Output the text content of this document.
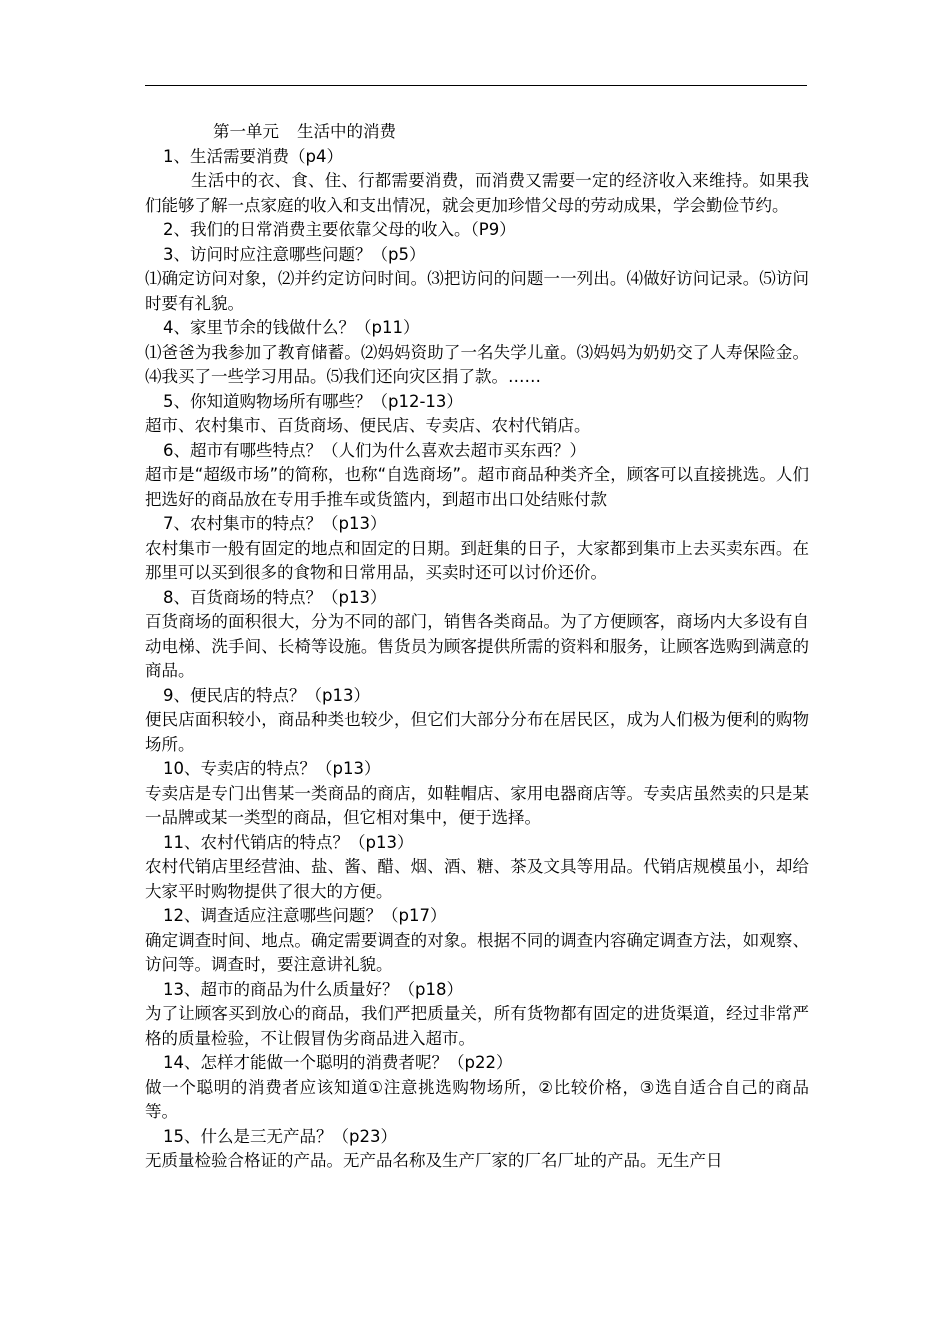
第一单元 生活中的消费
1、生活需要消费（p4）
生活中的衣、食、住、行都需要消费，而消费又需要一定的经济收入来维持。如果我们能够了解一点家庭的收入和支出情况，就会更加珍惜父母的劳动成果，学会勤俭节约。
2、我们的日常消费主要依靠父母的收入。（P9）
3、访问时应注意哪些问题？（p5）
⑴确定访问对象，⑵并约定访问时间。⑶把访问的问题一一列出。⑷做好访问记录。⑸访问时要有礼貌。
4、家里节余的钱做什么？（p11）
⑴爸爸为我参加了教育储蓄。⑵妈妈资助了一名失学儿童。⑶妈妈为奶奶交了人寿保险金。⑷我买了一些学习用品。⑸我们还向灾区捐了款。……
5、你知道购物场所有哪些？（p12-13）
超市、农村集市、百货商场、便民店、专卖店、农村代销店。
6、超市有哪些特点？（人们为什么喜欢去超市买东西？）
超市是“超级市场”的简称，也称“自选商场”。超市商品种类齐全，顾客可以直接挑选。人们把选好的商品放在专用手推车或货篮内，到超市出口处结账付款
7、农村集市的特点？（p13）
农村集市一般有固定的地点和固定的日期。到赶集的日子，大家都到集市上去买卖东西。在那里可以买到很多的食物和日常用品，买卖时还可以讨价还价。
8、百货商场的特点？（p13）
百货商场的面积很大，分为不同的部门，销售各类商品。为了方便顾客，商场内大多设有自动电梯、洗手间、长椅等设施。售货员为顾客提供所需的资料和服务，让顾客选购到满意的商品。
9、便民店的特点？（p13）
便民店面积较小，商品种类也较少，但它们大部分分布在居民区，成为人们极为便利的购物场所。
10、专卖店的特点？（p13）
专卖店是专门出售某一类商品的商店，如鞋帽店、家用电器商店等。专卖店虽然卖的只是某一品牌或某一类型的商品，但它相对集中，便于选择。
11、农村代销店的特点？（p13）
农村代销店里经营油、盐、酱、醋、烟、酒、糖、茶及文具等用品。代销店规模虽小，却给大家平时购物提供了很大的方便。
12、调查适应注意哪些问题？（p17）
确定调查时间、地点。确定需要调查的对象。根据不同的调查内容确定调查方法，如观察、访问等。调查时，要注意讲礼貌。
13、超市的商品为什么质量好？（p18）
为了让顾客买到放心的商品，我们严把质量关，所有货物都有固定的进货渠道，经过非常严格的质量检验，不让假冒伪劣商品进入超市。
14、怎样才能做一个聪明的消费者呢？（p22）
做一个聪明的消费者应该知道①注意挑选购物场所，②比较价格，③选自适合自己的商品等。
15、什么是三无产品？（p23）
无质量检验合格证的产品。无产品名称及生产厂家的厂名厂址的产品。无生产日
